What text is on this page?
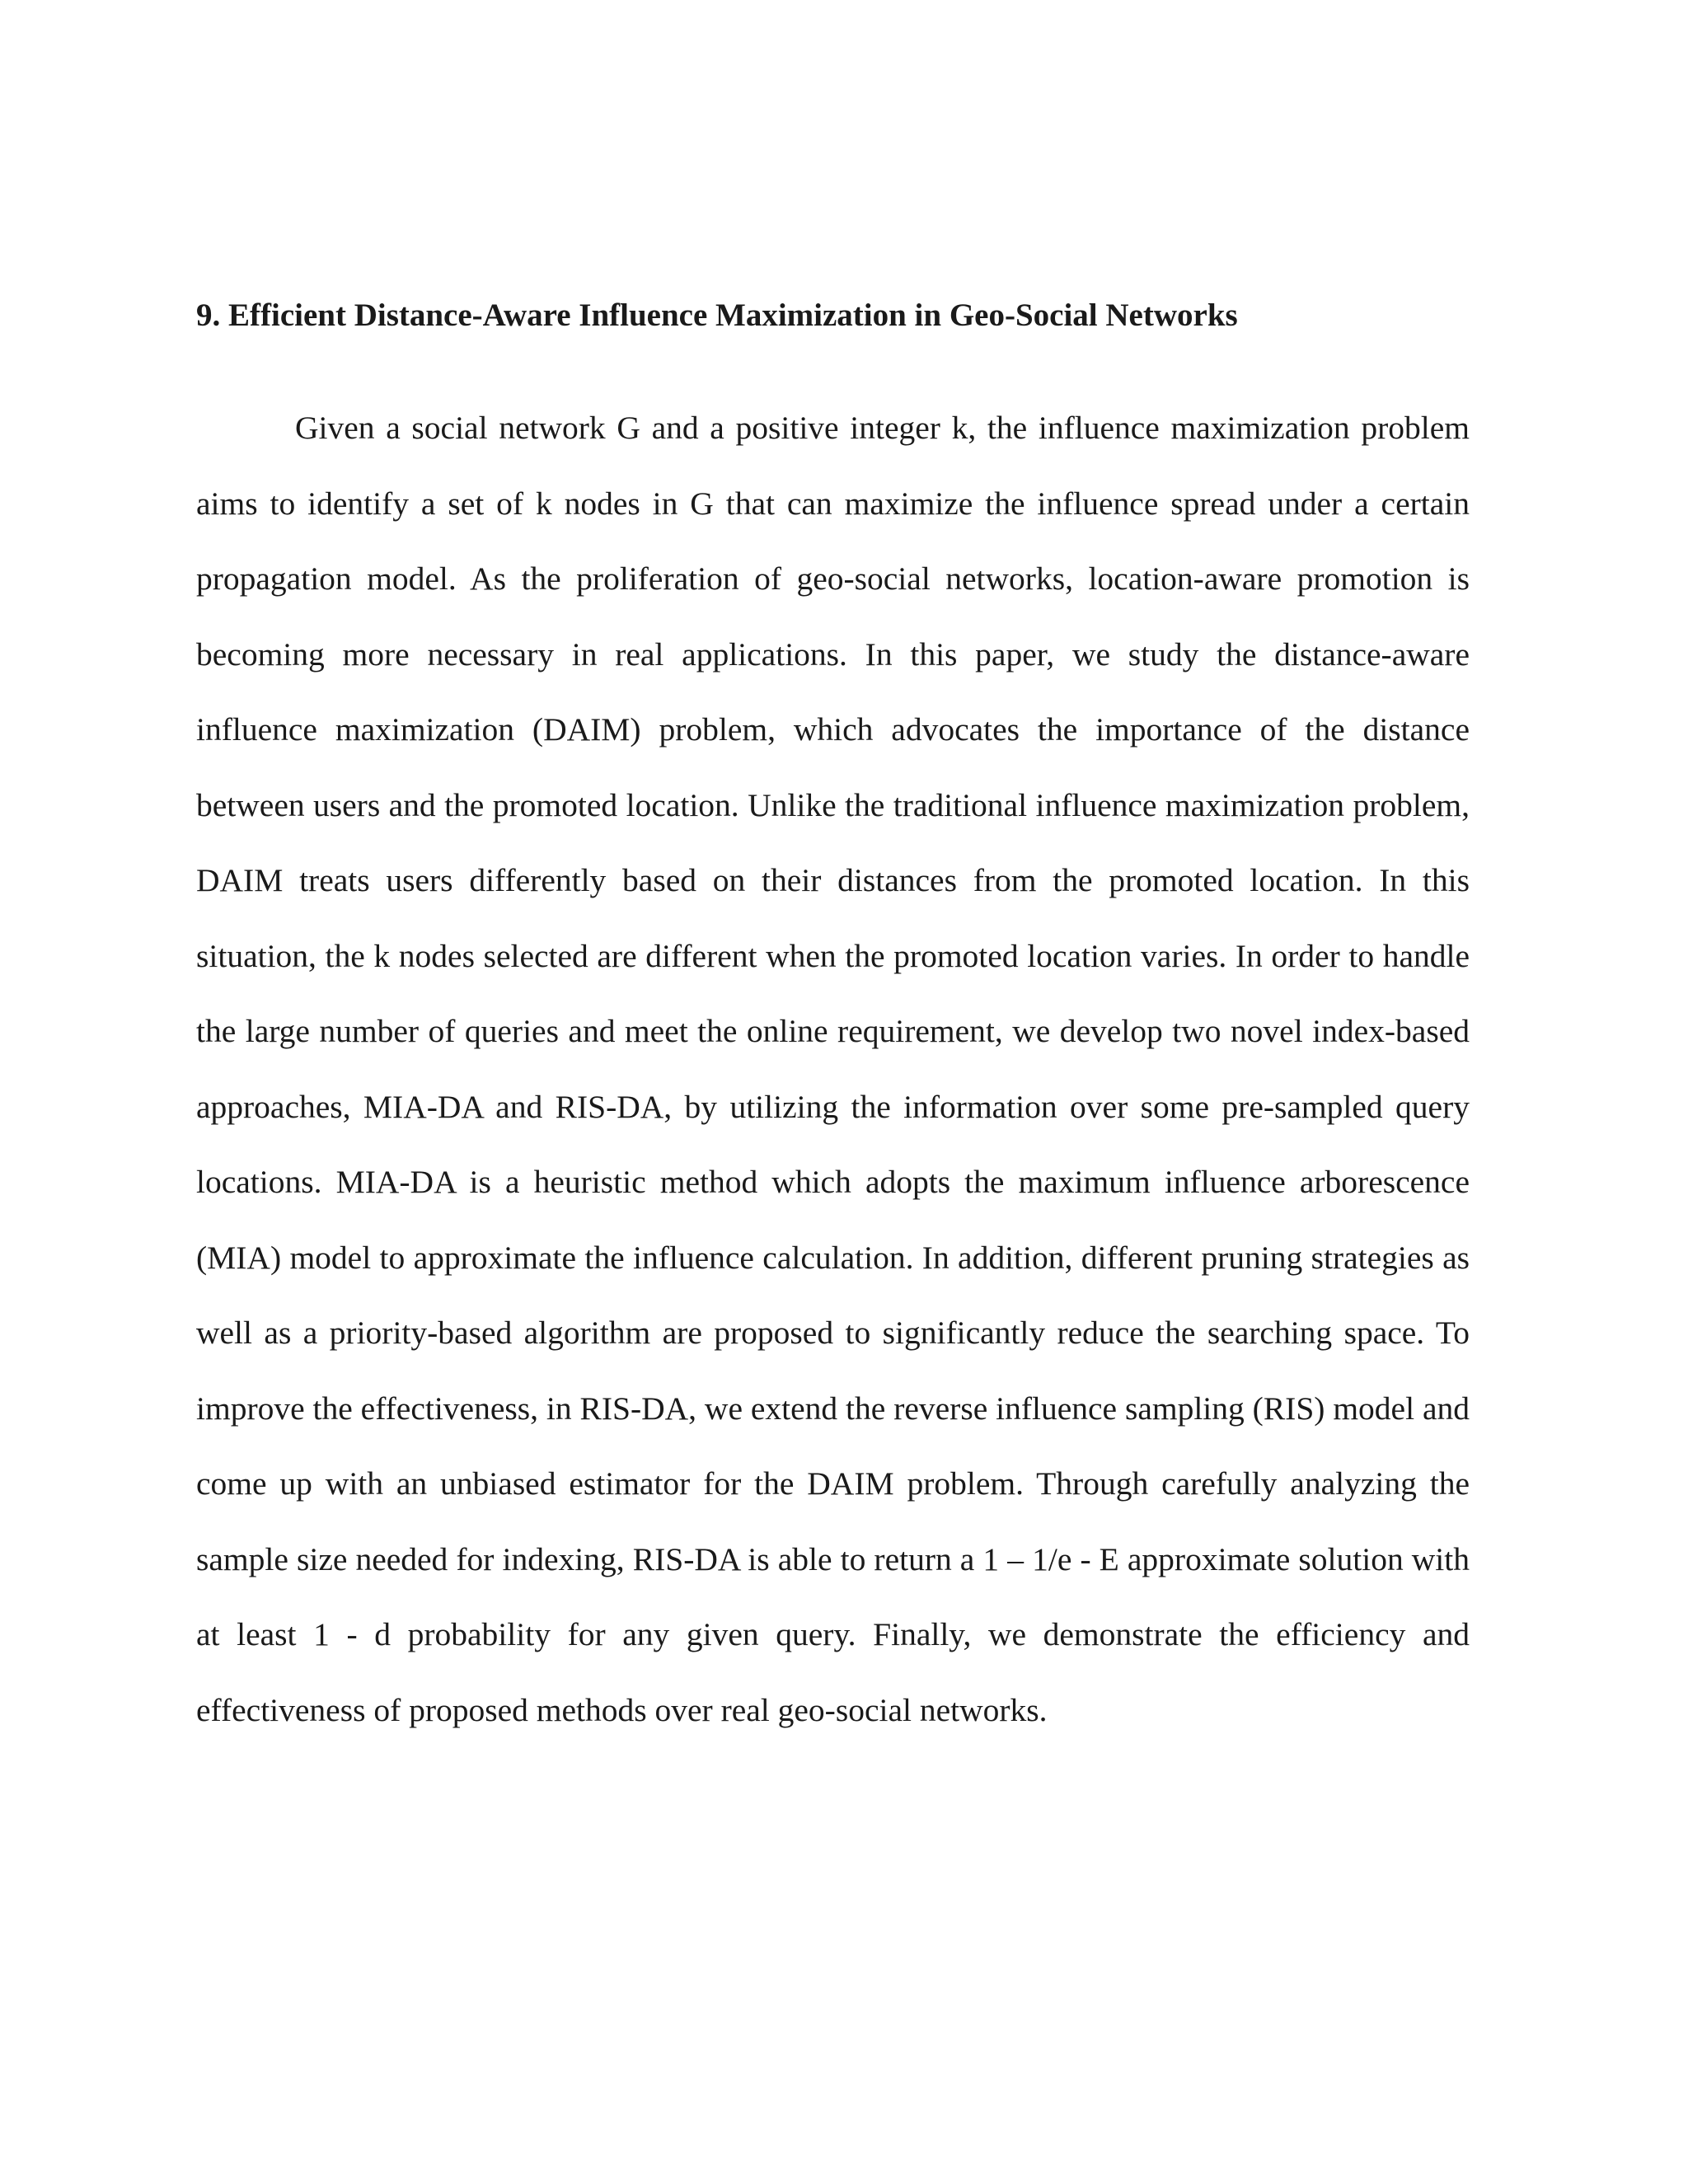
9. Efficient Distance-Aware Influence Maximization in Geo-Social Networks

Given a social network G and a positive integer k, the influence maximization problem aims to identify a set of k nodes in G that can maximize the influence spread under a certain propagation model. As the proliferation of geo-social networks, location-aware promotion is becoming more necessary in real applications. In this paper, we study the distance-aware influence maximization (DAIM) problem, which advocates the importance of the distance between users and the promoted location. Unlike the traditional influence maximization problem, DAIM treats users differently based on their distances from the promoted location. In this situation, the k nodes selected are different when the promoted location varies. In order to handle the large number of queries and meet the online requirement, we develop two novel index-based approaches, MIA-DA and RIS-DA, by utilizing the information over some pre-sampled query locations. MIA-DA is a heuristic method which adopts the maximum influence arborescence (MIA) model to approximate the influence calculation. In addition, different pruning strategies as well as a priority-based algorithm are proposed to significantly reduce the searching space. To improve the effectiveness, in RIS-DA, we extend the reverse influence sampling (RIS) model and come up with an unbiased estimator for the DAIM problem. Through carefully analyzing the sample size needed for indexing, RIS-DA is able to return a 1 – 1/e - E approximate solution with at least 1 - d probability for any given query. Finally, we demonstrate the efficiency and effectiveness of proposed methods over real geo-social networks.
